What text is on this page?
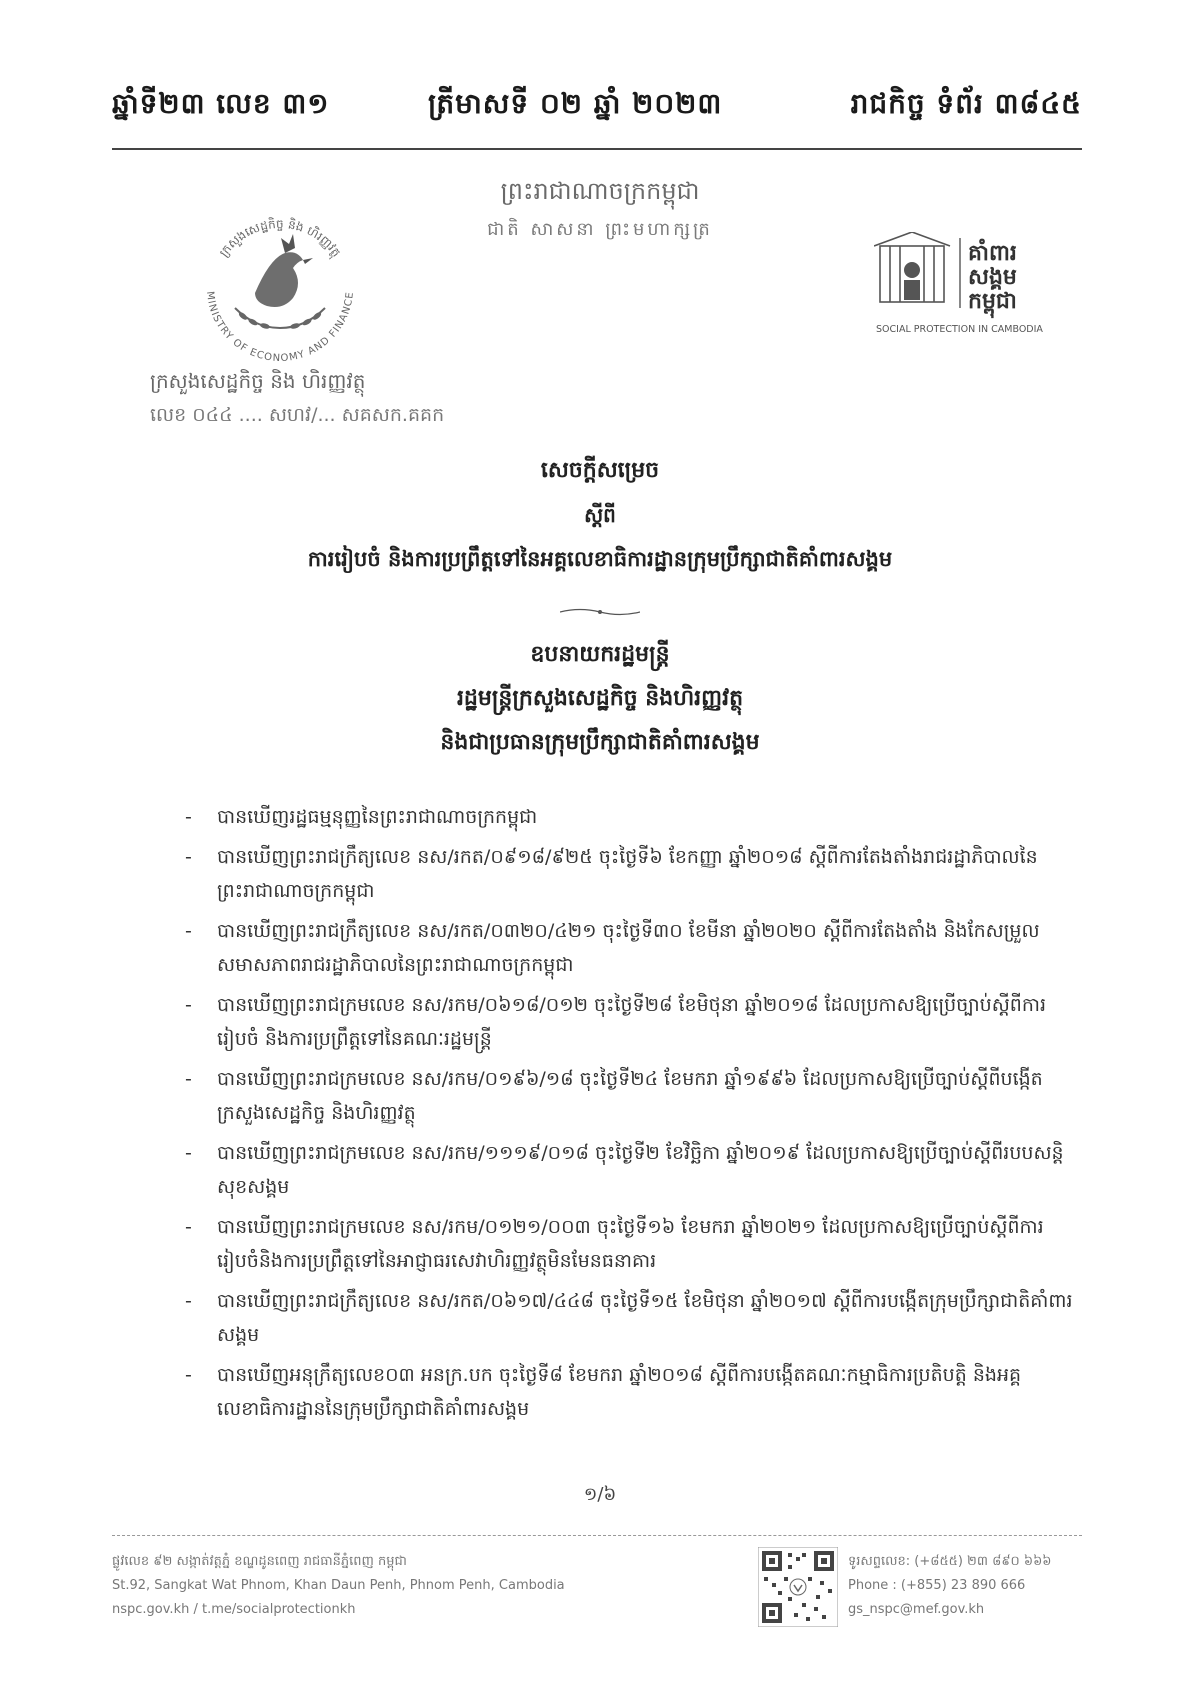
ឆ្នាំទី២៣ លេខ ៣១	ត្រីមាសទី ០២ ឆ្នាំ ២០២៣	រាជកិច្ច ទំព័រ ៣៨៤៥
ព្រះរាជាណាចក្រកម្ពុជា
ជាតិ សាសនា ព្រះមហាក្សត្រ
ក្រសួងសេដ្ឋកិច្ច និង ហិរញ្ញវត្ថុ
MINISTRY OF ECONOMY AND FINANCE
គាំពារ
សង្គម
កម្ពុជា
SOCIAL PROTECTION IN CAMBODIA
ក្រសួងសេដ្ឋកិច្ច និង ហិរញ្ញវត្ថុ
លេខ ០៤៤ .... សហវ/... សគសក.គគក
សេចក្តីសម្រេច
ស្តីពី
ការរៀបចំ និងការប្រព្រឹត្តទៅនៃអគ្គលេខាធិការដ្ឋានក្រុមប្រឹក្សាជាតិគាំពារសង្គម
ឧបនាយករដ្ឋមន្ត្រី
រដ្ឋមន្ត្រីក្រសួងសេដ្ឋកិច្ច និងហិរញ្ញវត្ថុ
និងជាប្រធានក្រុមប្រឹក្សាជាតិគាំពារសង្គម
- បានឃើញរដ្ឋធម្មនុញ្ញនៃព្រះរាជាណាចក្រកម្ពុជា
- បានឃើញព្រះរាជក្រឹត្យលេខ នស/រកត/០៩១៨/៩២៥ ចុះថ្ងៃទី៦ ខែកញ្ញា ឆ្នាំ២០១៨ ស្តីពីការតែងតាំងរាជរដ្ឋាភិបាលនៃព្រះរាជាណាចក្រកម្ពុជា
- បានឃើញព្រះរាជក្រឹត្យលេខ នស/រកត/០៣២០/៤២១ ចុះថ្ងៃទី៣០ ខែមីនា ឆ្នាំ២០២០ ស្តីពីការតែងតាំង និងកែសម្រួលសមាសភាពរាជរដ្ឋាភិបាលនៃព្រះរាជាណាចក្រកម្ពុជា
- បានឃើញព្រះរាជក្រមលេខ នស/រកម/០៦១៨/០១២ ចុះថ្ងៃទី២៨ ខែមិថុនា ឆ្នាំ២០១៨ ដែលប្រកាសឱ្យប្រើច្បាប់ស្តីពីការរៀបចំ និងការប្រព្រឹត្តទៅនៃគណៈរដ្ឋមន្ត្រី
- បានឃើញព្រះរាជក្រមលេខ នស/រកម/០១៩៦/១៨ ចុះថ្ងៃទី២៤ ខែមករា ឆ្នាំ១៩៩៦ ដែលប្រកាសឱ្យប្រើច្បាប់ស្តីពីបង្កើតក្រសួងសេដ្ឋកិច្ច និងហិរញ្ញវត្ថុ
- បានឃើញព្រះរាជក្រមលេខ នស/រកម/១១១៩/០១៨ ចុះថ្ងៃទី២ ខែវិច្ឆិកា ឆ្នាំ២០១៩ ដែលប្រកាសឱ្យប្រើច្បាប់ស្តីពីរបបសន្តិសុខសង្គម
- បានឃើញព្រះរាជក្រមលេខ នស/រកម/០១២១/០០៣ ចុះថ្ងៃទី១៦ ខែមករា ឆ្នាំ២០២១ ដែលប្រកាសឱ្យប្រើច្បាប់ស្តីពីការរៀបចំនិងការប្រព្រឹត្តទៅនៃអាជ្ញាធរសេវាហិរញ្ញវត្ថុមិនមែនធនាគារ
- បានឃើញព្រះរាជក្រឹត្យលេខ នស/រកត/០៦១៧/៤៤៨ ចុះថ្ងៃទី១៥ ខែមិថុនា ឆ្នាំ២០១៧ ស្តីពីការបង្កើតក្រុមប្រឹក្សាជាតិគាំពារសង្គម
- បានឃើញអនុក្រឹត្យលេខ០៣ អនក្រ.បក ចុះថ្ងៃទី៨ ខែមករា ឆ្នាំ២០១៨ ស្តីពីការបង្កើតគណៈកម្មាធិការប្រតិបត្តិ និងអគ្គលេខាធិការដ្ឋាននៃក្រុមប្រឹក្សាជាតិគាំពារសង្គម
១/៦
ផ្លូវលេខ ៩២ សង្កាត់វត្តភ្នំ ខណ្ឌដូនពេញ រាជធានីភ្នំពេញ កម្ពុជា
St.92, Sangkat Wat Phnom, Khan Daun Penh, Phnom Penh, Cambodia
nspc.gov.kh / t.me/socialprotectionkh
ទូរសព្ទលេខ: (+៨៥៥) ២៣ ៨៩០ ៦៦៦
Phone : (+855) 23 890 666
gs_nspc@mef.gov.kh
